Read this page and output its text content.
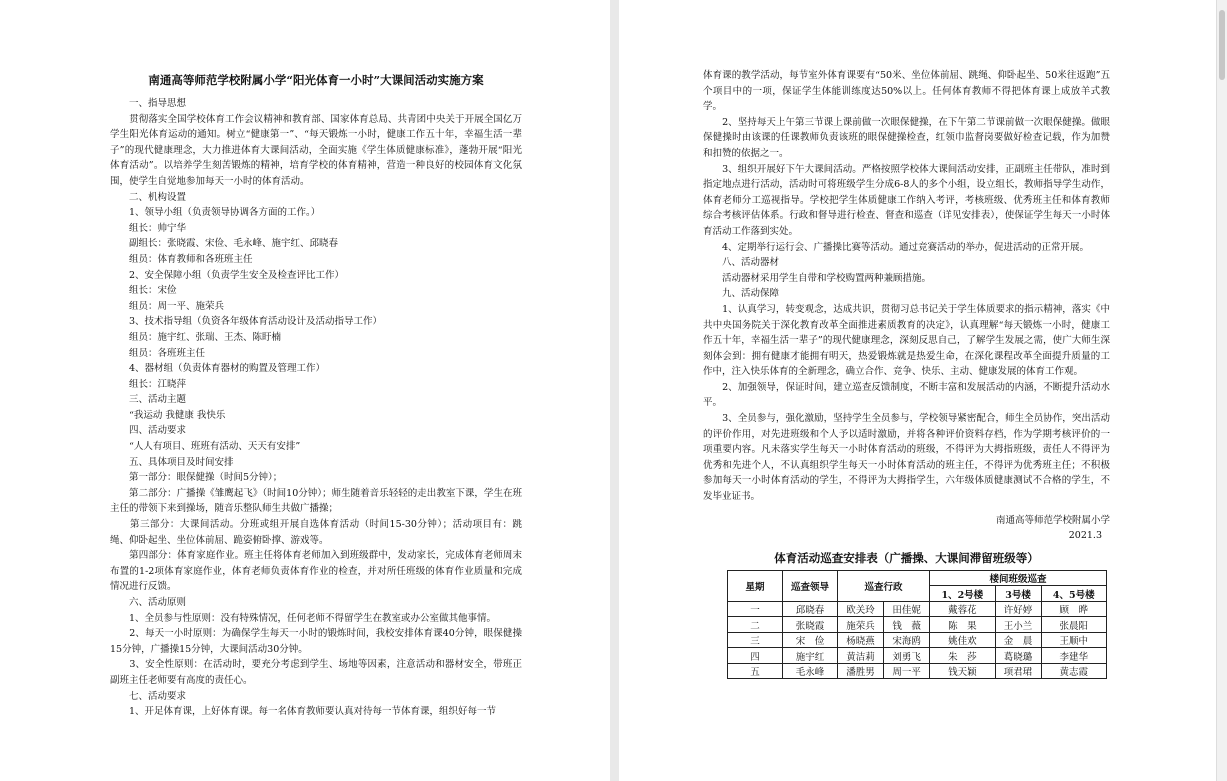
南通高等师范学校附属小学“阳光体育一小时”大课间活动实施方案

　　一、指导思想

　　贯彻落实全国学校体育工作会议精神和教育部、国家体育总局、共青团中央关于开展全国亿万学生阳光体育运动的通知。树立“健康第一”、“每天锻炼一小时，健康工作五十年，幸福生活一辈子”的现代健康理念，大力推进体育大课间活动，全面实施《学生体质健康标准》，蓬勃开展“阳光体育活动”。以培养学生刻苦锻炼的精神，培育学校的体育精神，营造一种良好的校园体育文化氛围，使学生自觉地参加每天一小时的体育活动。

　　二、机构设置

　　1、领导小组（负责领导协调各方面的工作。）

　　组长：帅宁华

　　副组长：张晓霞、宋俭、毛永峰、施宇红、邱晓春

　　组员：体育教师和各班班主任

　　2、安全保障小组（负责学生安全及检查评比工作）

　　组长：宋俭

　　组员：周一平、施荣兵

　　3、技术指导组（负资各年级体育活动设计及活动指导工作）

　　组员：施宇红、张瑞、王杰、陈盱楠

　　组员：各班班主任

　　4、器材组（负责体育器材的购置及管理工作）

　　组长：江晓萍

　　三、活动主题

　　“我运动 我健康 我快乐

　　四、活动要求

　　“人人有项目、班班有活动、天天有安排”

　　五、具体项目及时间安排

　　第一部分：眼保健操（时间5分钟）；

　　第二部分：广播操《雏鹰起飞》（时间10分钟）；师生随着音乐轻轻的走出教室下课，学生在班主任的带领下来到操场，随音乐整队师生共做广播操；

　　第三部分：大课间活动。分班或组开展自选体育活动（时间15-30分钟）；活动项目有：跳绳、仰卧起坐、坐位体前屈、跪姿俯卧撑、游戏等。

　　第四部分：体育家庭作业。班主任将体育老师加入到班级群中，发动家长，完成体育老师周末布置的1-2项体育家庭作业，体育老师负责体育作业的检查，并对所任班级的体育作业质量和完成情况进行反馈。

　　六、活动原则

　　1、全员参与性原则：没有特殊情况，任何老师不得留学生在教室或办公室做其他事情。

　　2、每天一小时原则：为确保学生每天一小时的锻炼时间，我校安排体育课40分钟，眼保健操15分钟，广播操15分钟，大课间活动30分钟。

　　3、安全性原则：在活动时，要充分考虑到学生、场地等因素，注意活动和器材安全，带班正副班主任老师要有高度的责任心。

　　七、活动要求

　　1、开足体育课，上好体育课。每一名体育教师要认真对待每一节体育课，组织好每一节

体育课的教学活动，每节室外体育课要有“50米、坐位体前屈、跳绳、仰卧起坐、50米往返跑”五个项目中的一项，保证学生体能训练度达50%以上。任何体育教师不得把体育课上成放羊式教学。

　　2、坚持每天上午第三节课上课前做一次眼保健操，在下午第二节课前做一次眼保健操。做眼保健操时由该课的任课教师负责该班的眼保健操检查，红领巾监督岗要做好检查记载，作为加赞和扣赞的依据之一。

　　3、组织开展好下午大课间活动。严格按照学校体大课间活动安排，正副班主任带队，准时到指定地点进行活动，活动时可将班级学生分成6-8人的多个小组，设立组长，教师指导学生动作，体育老师分工巡视指导。学校把学生体质健康工作纳入考评，考核班级、优秀班主任和体育教师综合考核评估体系。行政和督导进行检查、督查和巡查（详见安排表），使保证学生每天一小时体育活动工作落到实处。

　　4、定期举行运行会、广播操比赛等活动。通过竞赛活动的举办，促进活动的正常开展。

　　八、活动器材

　　活动器材采用学生自带和学校购置两种兼顾措施。

　　九、活动保障

　　1、认真学习，转变观念，达成共识，贯彻习总书记关于学生体质要求的指示精神，落实《中共中央国务院关于深化教育改革全面推进素质教育的决定》，认真理解“每天锻炼一小时，健康工作五十年，幸福生活一辈子”的现代健康理念，深刻反思自己，了解学生发展之需，使广大师生深刻体会到：拥有健康才能拥有明天，热爱锻炼就是热爱生命，在深化课程改革全面提升质量的工作中，注入快乐体育的全新理念，确立合作、竞争、快乐、主动、健康发展的体育工作观。

　　2、加强领导，保证时间，建立巡查反馈制度，不断丰富和发展活动的内涵，不断提升活动水平。

　　3、全员参与，强化激励，坚持学生全员参与，学校领导紧密配合，师生全员协作，突出活动的评价作用，对先进班级和个人予以适时激励，并将各种评价资料存档，作为学期考核评价的一项重要内容。凡未落实学生每天一小时体育活动的班级，不得评为大拇指班级，责任人不得评为优秀和先进个人，不认真组织学生每天一小时体育活动的班主任，不得评为优秀班主任；不积极参加每天一小时体育活动的学生，不得评为大拇指学生，六年级体质健康测试不合格的学生，不发毕业证书。

南通高等师范学校附属小学

2021.3

体育活动巡查安排表（广播操、大课间滞留班级等）
星期	巡查领导	巡查行政		楼间班级巡查		
				1、2号楼	3号楼	4、5号楼
一	邱晓春	欧关玲	田佳妮	戴蓉花	许好婷	顾　晔
二	张晓霞	施荣兵	钱　薇	陈　果	王小兰	张晨阳
三	宋　俭	杨晓燕	宋海鸥	姚佳欢	金　晨	王顺中
四	施宇红	黄洁莉	刘勇飞	朱　莎	葛晓璐	李建华
五	毛永峰	潘胜男	周一平	钱天颖	项君珺	黄志霞
